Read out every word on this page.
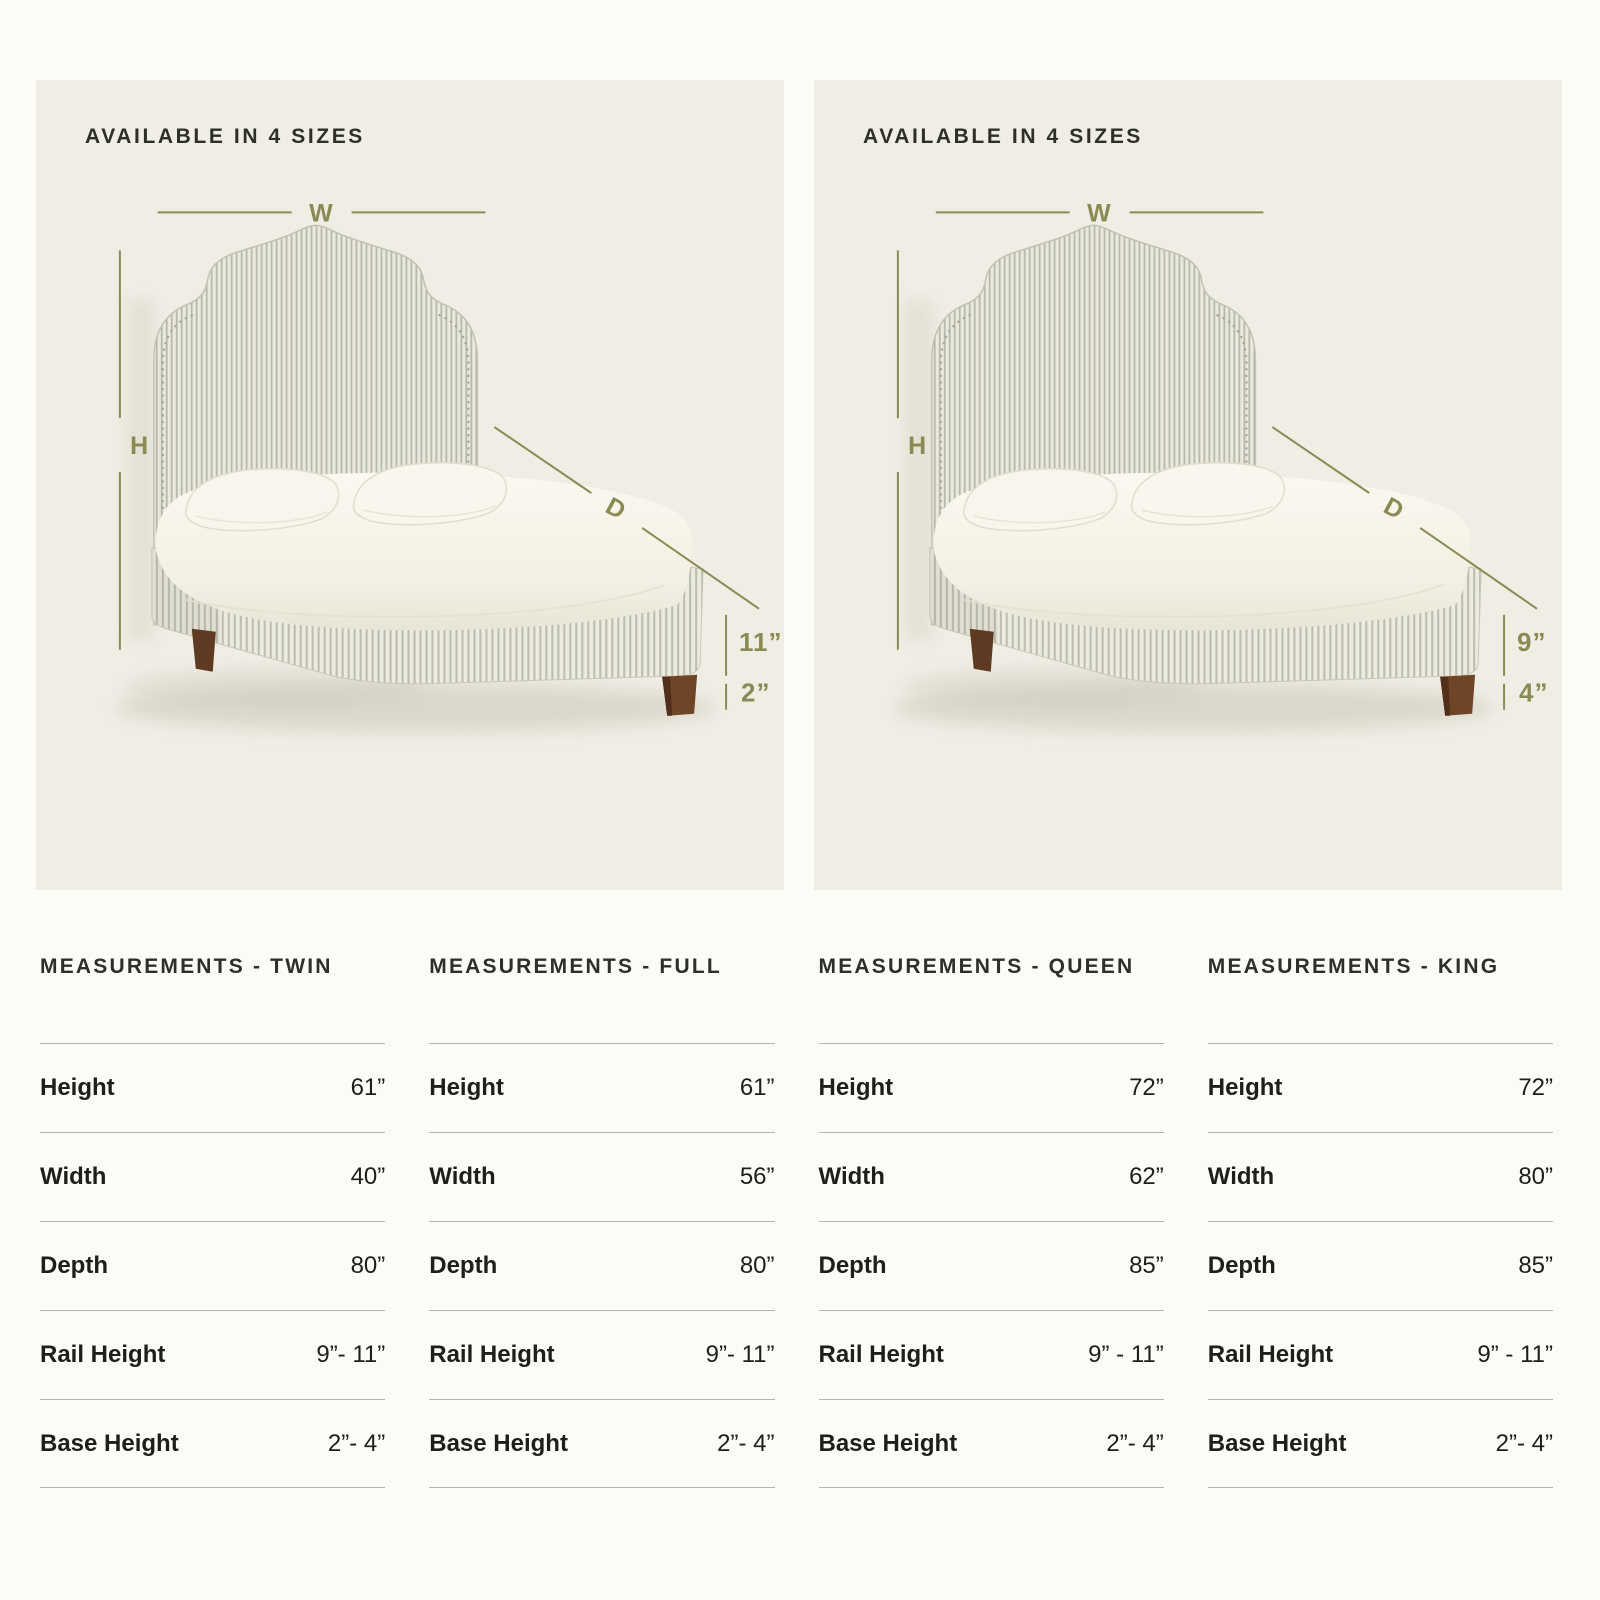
W
H
D
11”
2”
AVAILABLE IN 4 SIZES
W
H
D
9”
4”
AVAILABLE IN 4 SIZES
MEASUREMENTS - TWIN
Height	61”
Width	40”
Depth	80”
Rail Height	9”- 11”
Base Height	2”- 4”
MEASUREMENTS - FULL
Height	61”
Width	56”
Depth	80”
Rail Height	9”- 11”
Base Height	2”- 4”
MEASUREMENTS - QUEEN
Height	72”
Width	62”
Depth	85”
Rail Height	9” - 11”
Base Height	2”- 4”
MEASUREMENTS - KING
Height	72”
Width	80”
Depth	85”
Rail Height	9” - 11”
Base Height	2”- 4”
